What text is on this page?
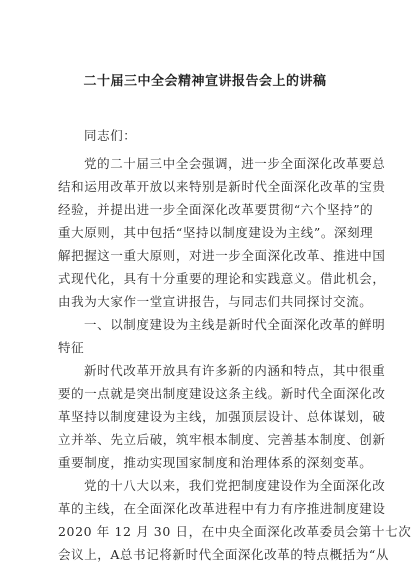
二十届三中全会精神宣讲报告会上的讲稿
同志们：
党的二十届三中全会强调，进一步全面深化改革要总
结和运用改革开放以来特别是新时代全面深化改革的宝贵
经验，并提出进一步全面深化改革要贯彻“六个坚持”的
重大原则，其中包括“坚持以制度建设为主线”。深刻理
解把握这一重大原则，对进一步全面深化改革、推进中国
式现代化，具有十分重要的理论和实践意义。借此机会，
由我为大家作一堂宣讲报告，与同志们共同探讨交流。
一、以制度建设为主线是新时代全面深化改革的鲜明
特征
新时代改革开放具有许多新的内涵和特点，其中很重
要的一点就是突出制度建设这条主线。新时代全面深化改
革坚持以制度建设为主线，加强顶层设计、总体谋划，破
立并举、先立后破，筑牢根本制度、完善基本制度、创新
重要制度，推动实现国家制度和治理体系的深刻变革。
党的十八大以来，我们党把制度建设作为全面深化改
革的主线，在全面深化改革进程中有力有序推进制度建设
2020 年 12 月 30 日，在中央全面深化改革委员会第十七次
会议上，A总书记将新时代全面深化改革的特点概括为“从
